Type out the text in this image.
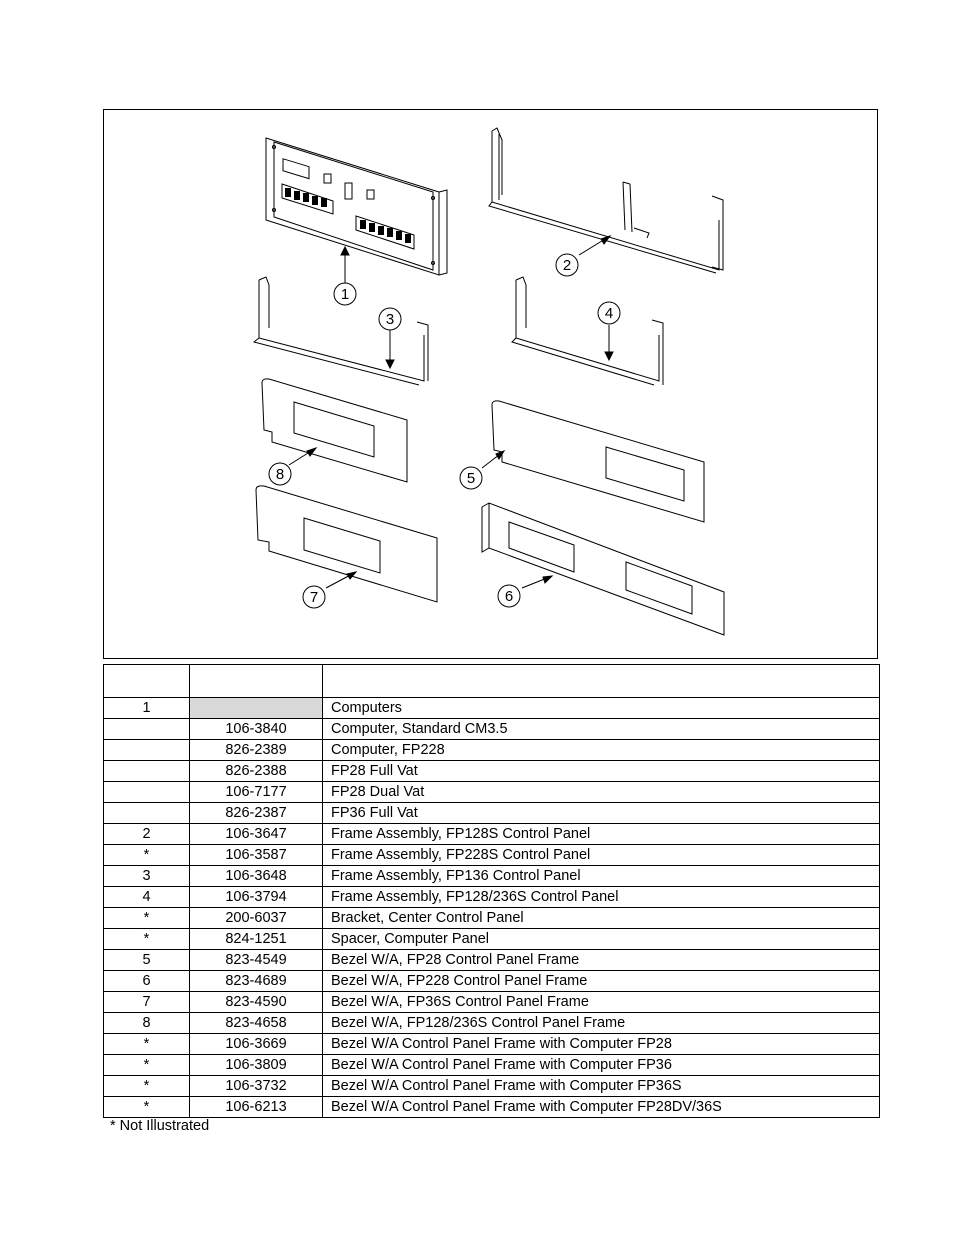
1
2
3	4
5
6
7
8

1		Computers
	106-3840	Computer, Standard CM3.5
	826-2389	Computer, FP228
	826-2388	FP28 Full Vat
	106-7177	FP28 Dual Vat
	826-2387	FP36 Full Vat
2	106-3647	Frame Assembly, FP128S Control Panel
*	106-3587	Frame Assembly, FP228S Control Panel
3	106-3648	Frame Assembly, FP136 Control Panel
4	106-3794	Frame Assembly, FP128/236S Control Panel
*	200-6037	Bracket, Center Control Panel
*	824-1251	Spacer, Computer Panel
5	823-4549	Bezel W/A, FP28 Control Panel Frame
6	823-4689	Bezel W/A, FP228 Control Panel Frame
7	823-4590	Bezel W/A, FP36S Control Panel Frame
8	823-4658	Bezel W/A, FP128/236S Control Panel Frame
*	106-3669	Bezel W/A Control Panel Frame with Computer FP28
*	106-3809	Bezel W/A Control Panel Frame with Computer FP36
*	106-3732	Bezel W/A Control Panel Frame with Computer FP36S
*	106-6213	Bezel W/A Control Panel Frame with Computer FP28DV/36S
* Not Illustrated
